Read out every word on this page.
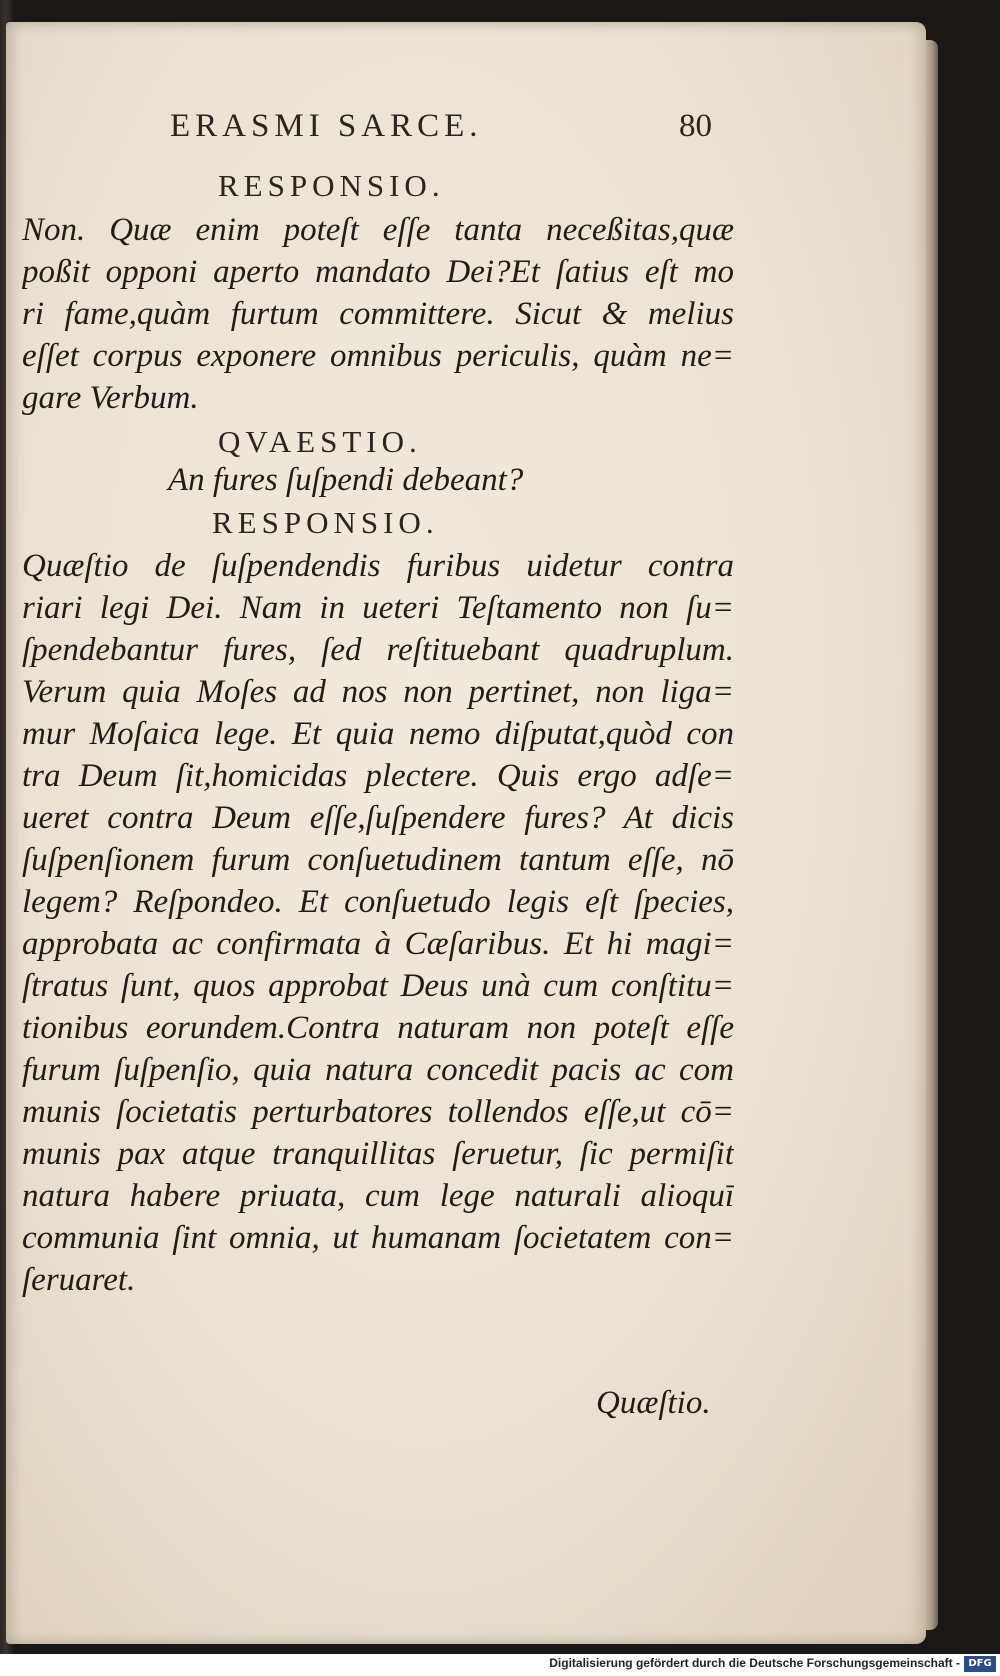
ERASMI SARCE.	80
RESPONSIO.
Non. Quæ enim poteſt eſſe tanta neceßitas,quæ
poßit opponi aperto mandato Dei?Et ſatius eſt mo
ri fame,quàm furtum committere. Sicut & melius
eſſet corpus exponere omnibus periculis, quàm ne=
gare Verbum.
QVAESTIO.
An fures ſuſpendi debeant?
RESPONSIO.
Quæſtio de ſuſpendendis furibus uidetur contra
riari legi Dei. Nam in ueteri Teſtamento non ſu=
ſpendebantur fures, ſed reſtituebant quadruplum.
Verum quia Moſes ad nos non pertinet, non liga=
mur Moſaica lege. Et quia nemo diſputat,quòd con
tra Deum ſit,homicidas plectere. Quis ergo adſe=
ueret contra Deum eſſe,ſuſpendere fures? At dicis
ſuſpenſionem furum conſuetudinem tantum eſſe, nō
legem? Reſpondeo. Et conſuetudo legis eſt ſpecies,
approbata ac confirmata à Cæſaribus. Et hi magi=
ſtratus ſunt, quos approbat Deus unà cum conſtitu=
tionibus eorundem.Contra naturam non poteſt eſſe
furum ſuſpenſio, quia natura concedit pacis ac com
munis ſocietatis perturbatores tollendos eſſe,ut cō=
munis pax atque tranquillitas ſeruetur, ſic permiſit
natura habere priuata, cum lege naturali alioquī
communia ſint omnia, ut humanam ſocietatem con=
ſeruaret.
Quæſtio.
Digitalisierung gefördert durch die Deutsche Forschungsgemeinschaft - DFG
